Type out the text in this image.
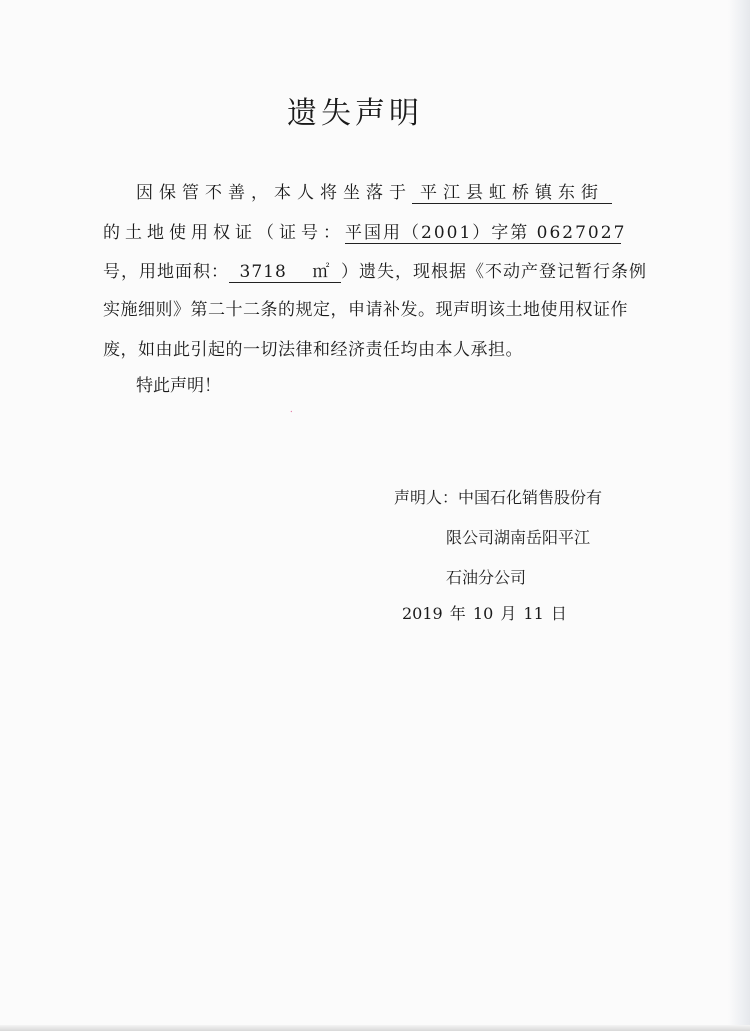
遗失声明
因保管不善，本人将坐落于 平江县虹桥镇东街
的土地使用权证（证号：平国用（2001）字第 0627027
号，用地面积： 3718    ㎡ ）遗失，现根据《不动产登记暂行条例
实施细则》第二十二条的规定，申请补发。现声明该土地使用权证作
废，如由此引起的一切法律和经济责任均由本人承担。
特此声明！
⸱
声明人：中国石化销售股份有
限公司湖南岳阳平江
石油分公司
2019 年 10 月 11 日
